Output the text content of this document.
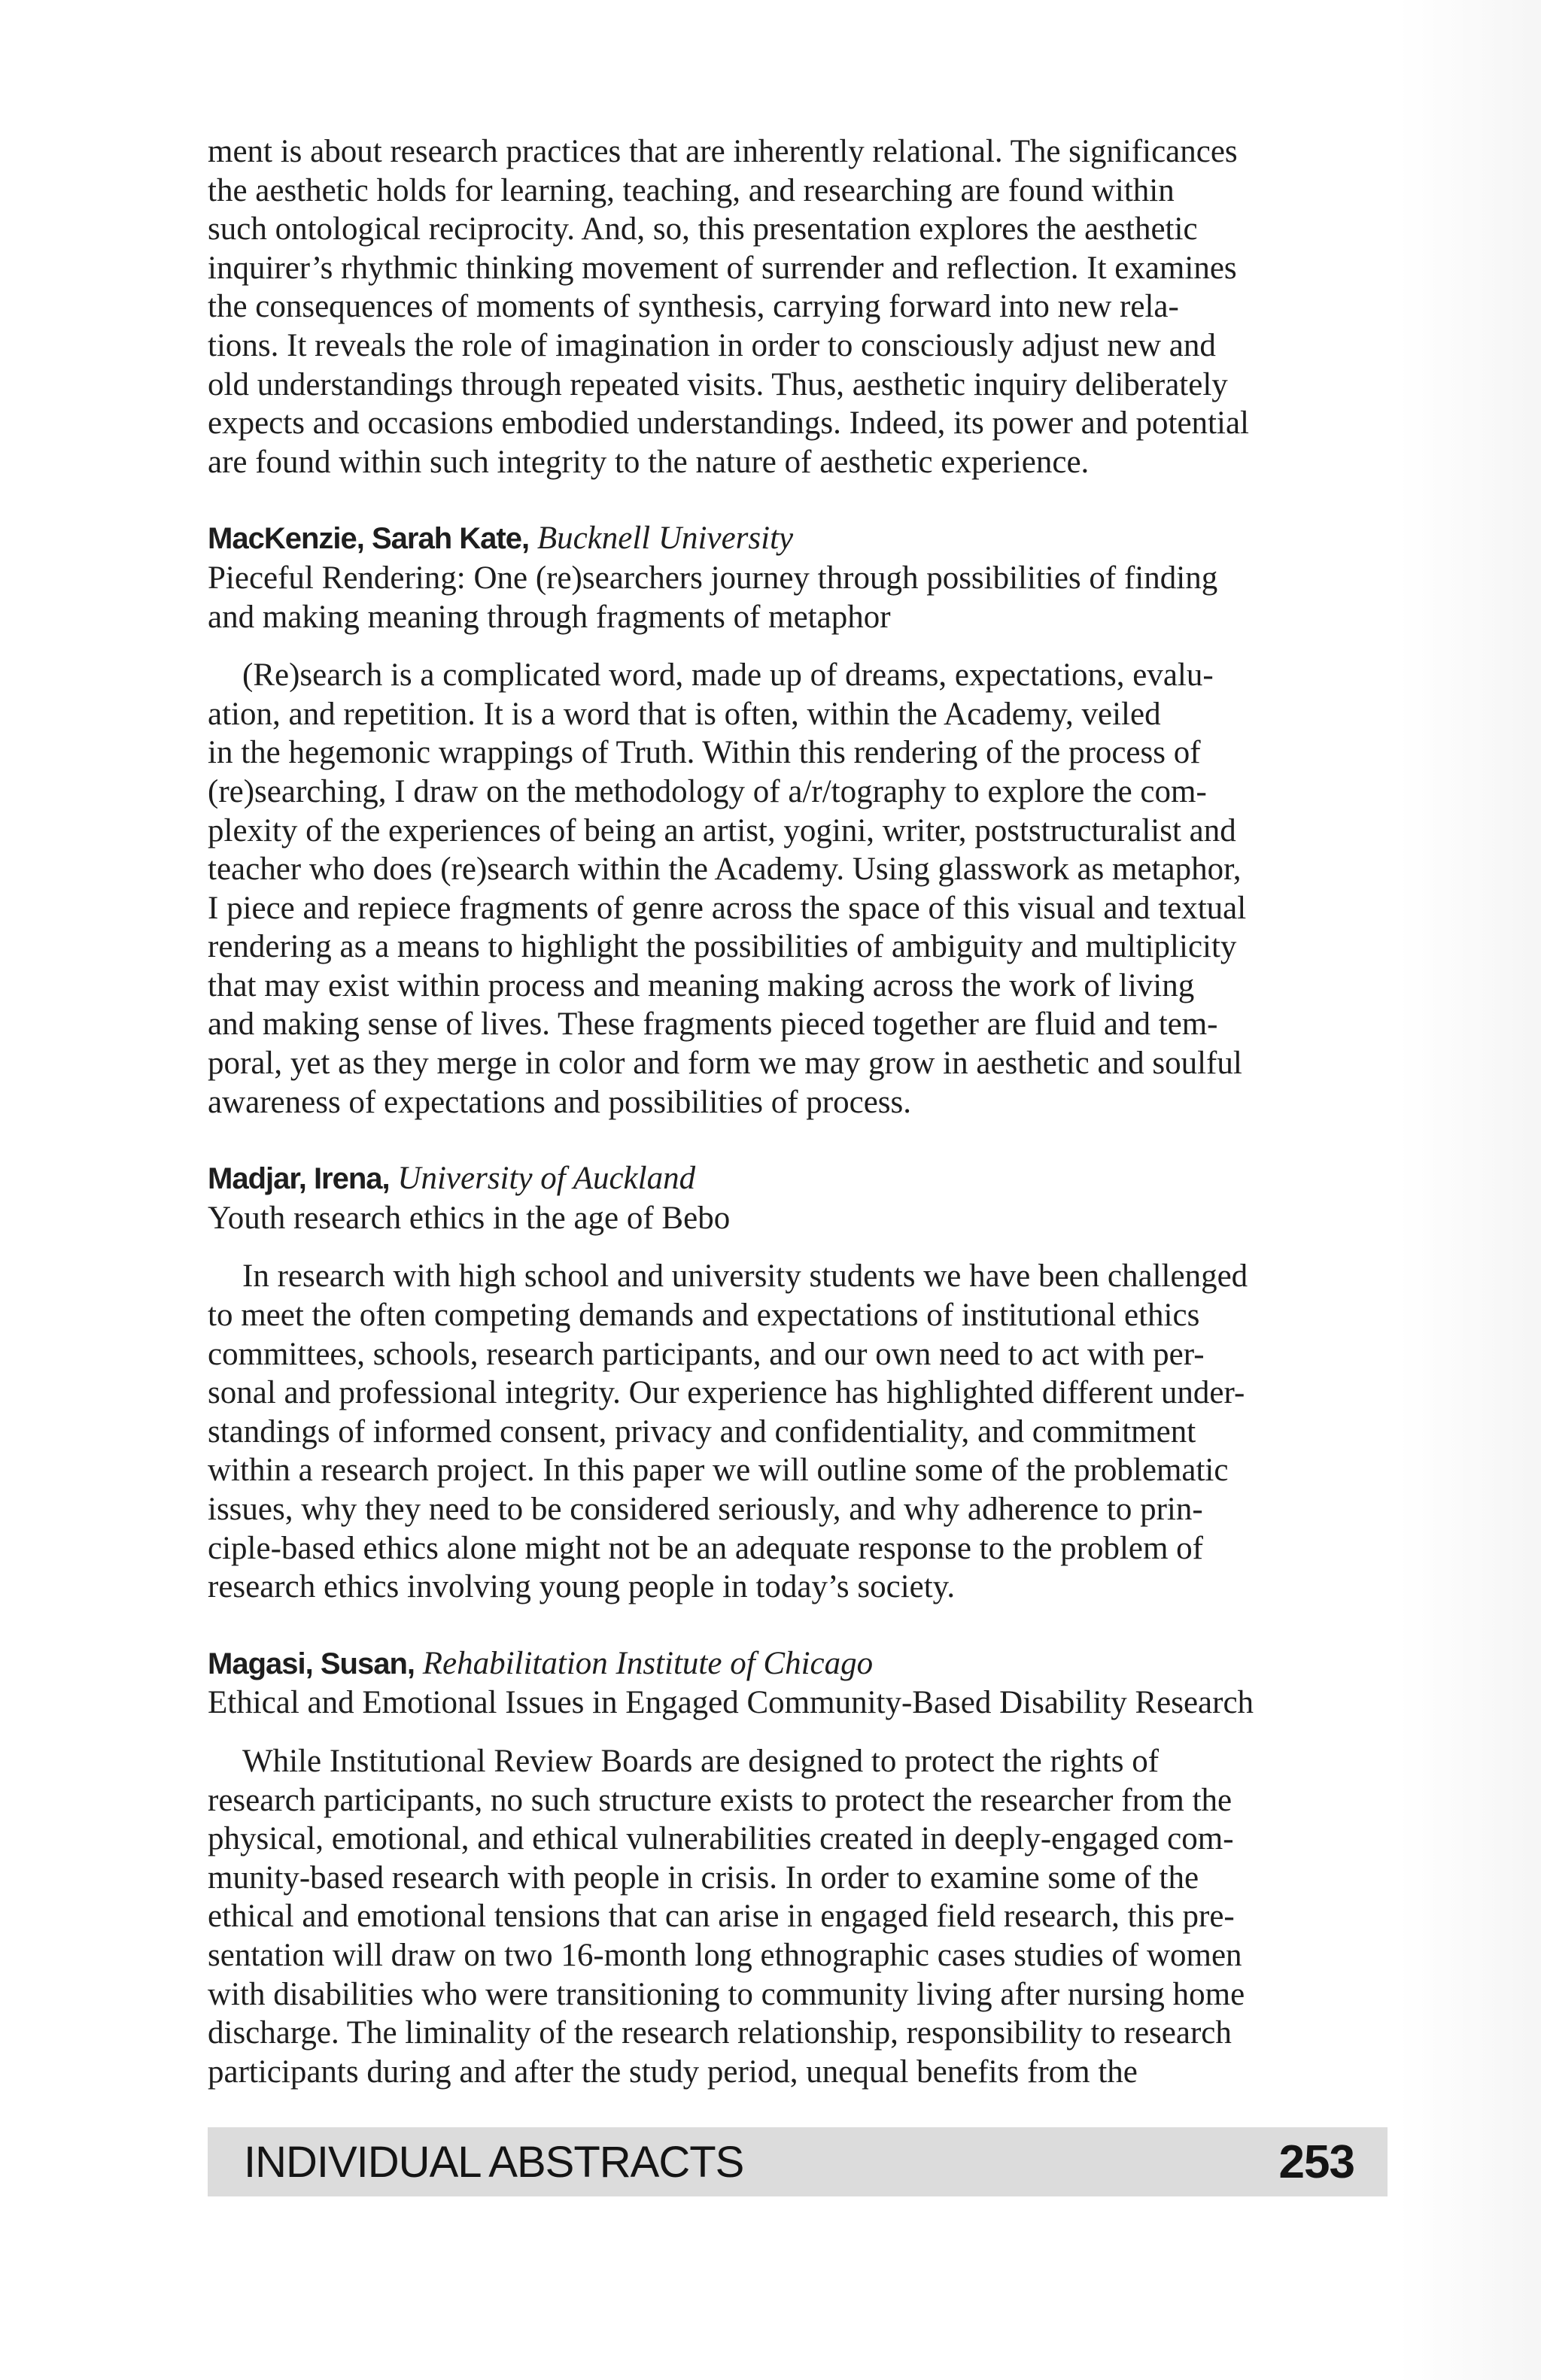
ment is about research practices that are inherently relational. The significances
the aesthetic holds for learning, teaching, and researching are found within
such ontological reciprocity. And, so, this presentation explores the aesthetic
inquirer’s rhythmic thinking movement of surrender and reflection. It examines
the consequences of moments of synthesis, carrying forward into new rela-
tions. It reveals the role of imagination in order to consciously adjust new and
old understandings through repeated visits. Thus, aesthetic inquiry deliberately
expects and occasions embodied understandings. Indeed, its power and potential
are found within such integrity to the nature of aesthetic experience.

MacKenzie, Sarah Kate, Bucknell University

Pieceful Rendering: One (re)searchers journey through possibilities of finding
and making meaning through fragments of metaphor

(Re)search is a complicated word, made up of dreams, expectations, evalu-
ation, and repetition. It is a word that is often, within the Academy, veiled
in the hegemonic wrappings of Truth. Within this rendering of the process of
(re)searching, I draw on the methodology of a/r/tography to explore the com-
plexity of the experiences of being an artist, yogini, writer, poststructuralist and
teacher who does (re)search within the Academy. Using glasswork as metaphor,
I piece and repiece fragments of genre across the space of this visual and textual
rendering as a means to highlight the possibilities of ambiguity and multiplicity
that may exist within process and meaning making across the work of living
and making sense of lives. These fragments pieced together are fluid and tem-
poral, yet as they merge in color and form we may grow in aesthetic and soulful
awareness of expectations and possibilities of process.

Madjar, Irena, University of Auckland

Youth research ethics in the age of Bebo

In research with high school and university students we have been challenged
to meet the often competing demands and expectations of institutional ethics
committees, schools, research participants, and our own need to act with per-
sonal and professional integrity. Our experience has highlighted different under-
standings of informed consent, privacy and confidentiality, and commitment
within a research project. In this paper we will outline some of the problematic
issues, why they need to be considered seriously, and why adherence to prin-
ciple-based ethics alone might not be an adequate response to the problem of
research ethics involving young people in today’s society.

Magasi, Susan, Rehabilitation Institute of Chicago

Ethical and Emotional Issues in Engaged Community-Based Disability Research

While Institutional Review Boards are designed to protect the rights of
research participants, no such structure exists to protect the researcher from the
physical, emotional, and ethical vulnerabilities created in deeply-engaged com-
munity-based research with people in crisis. In order to examine some of the
ethical and emotional tensions that can arise in engaged field research, this pre-
sentation will draw on two 16-month long ethnographic cases studies of women
with disabilities who were transitioning to community living after nursing home
discharge. The liminality of the research relationship, responsibility to research
participants during and after the study period, unequal benefits from the

INDIVIDUAL ABSTRACTS	253
